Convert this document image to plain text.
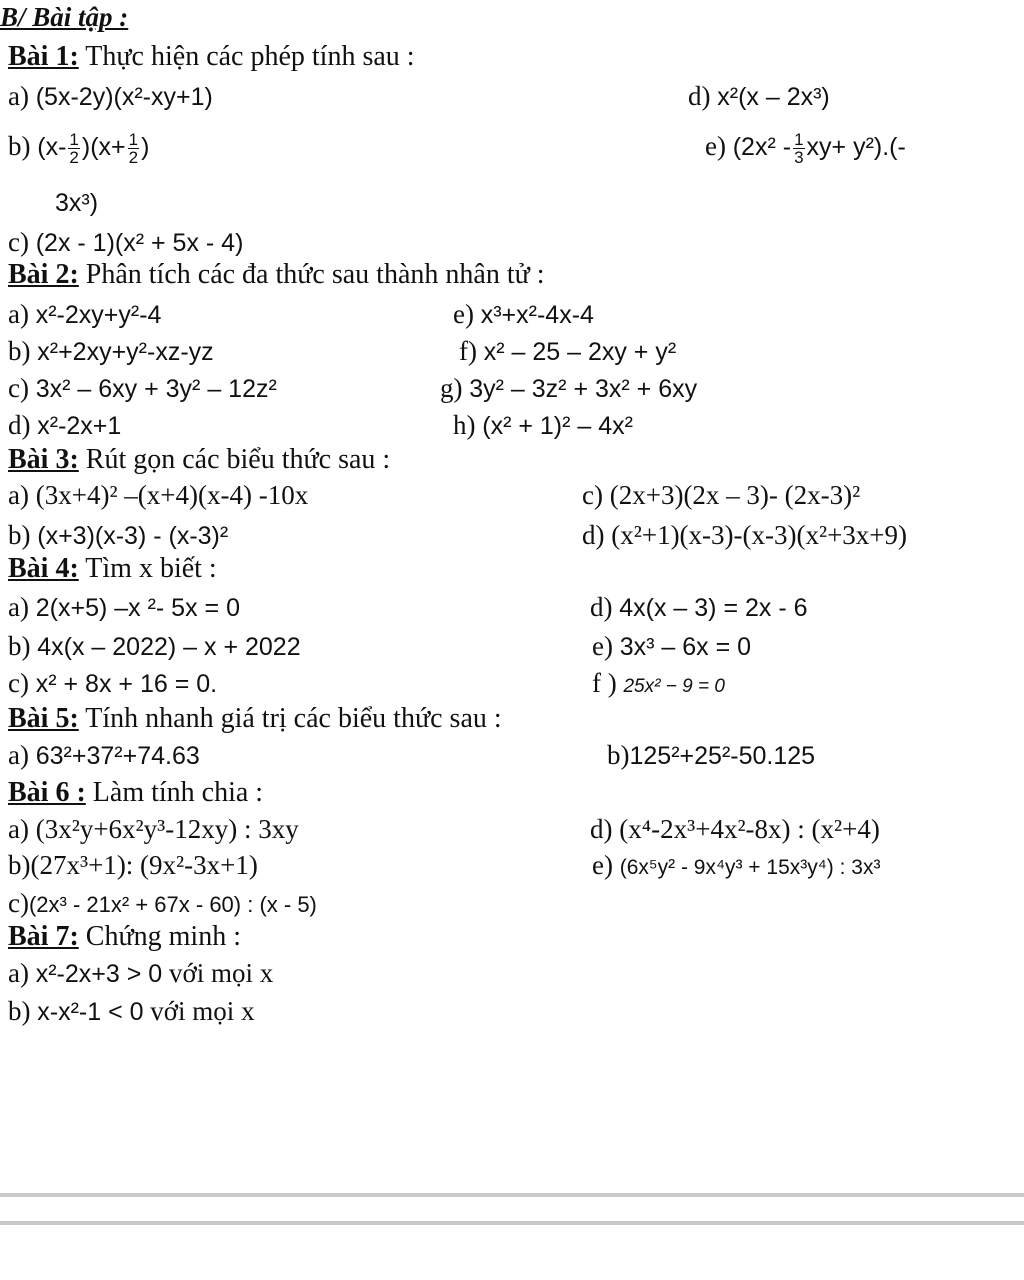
B/ Bài tập :
Bài 1: Thực hiện các phép tính sau :
a) (5x-2y)(x²-xy+1)	d) x²(x – 2x³)
b) $(x- \frac{1}{2} )(x+ \frac{1}{2}$ )	e) $(2x^2 - \frac{1}{3} xy+ y^2).(-$
3x³)
c) (2x - 1)(x² + 5x - 4)
Bài 2: Phân tích các đa thức sau thành nhân tử :
a) x²-2xy+y²-4	e) x³+x²-4x-4
b) x²+2xy+y²-xz-yz	f) x² – 25 – 2xy + y²
c) 3x² – 6xy + 3y² – 12z²	g) 3y² – 3z² + 3x² + 6xy
d) x²-2x+1	h) (x² + 1)² – 4x²
Bài 3: Rút gọn các biểu thức sau :
a) (3x+4)² –(x+4)(x-4) -10x	c) (2x+3)(2x – 3)- (2x-3)²
b) (x+3)(x-3) - (x-3)²	d) (x²+1)(x-3)-(x-3)(x²+3x+9)
Bài 4: Tìm x biết :
a) 2(x+5) –x ²- 5x = 0	d) 4x(x – 3) = 2x - 6
b) 4x(x – 2022) – x + 2022	e) 3x³ – 6x = 0
c) x² + 8x + 16 = 0.	f ) 25x² − 9 = 0
Bài 5: Tính nhanh giá trị các biểu thức sau :
a) 63²+37²+74.63	b)125²+25²-50.125
Bài 6 : Làm tính chia :
a) (3x²y+6x²y³-12xy) : 3xy	d) (x⁴-2x³+4x²-8x) : (x²+4)
b)(27x³+1): (9x²-3x+1)	e) (6x⁵y² - 9x⁴y³ + 15x³y⁴) : 3x³
c)(2x³ - 21x² + 67x - 60) : (x - 5)
Bài 7: Chứng minh :
a) x²-2x+3 > 0 với mọi x
b) x-x²-1 < 0 với mọi x
